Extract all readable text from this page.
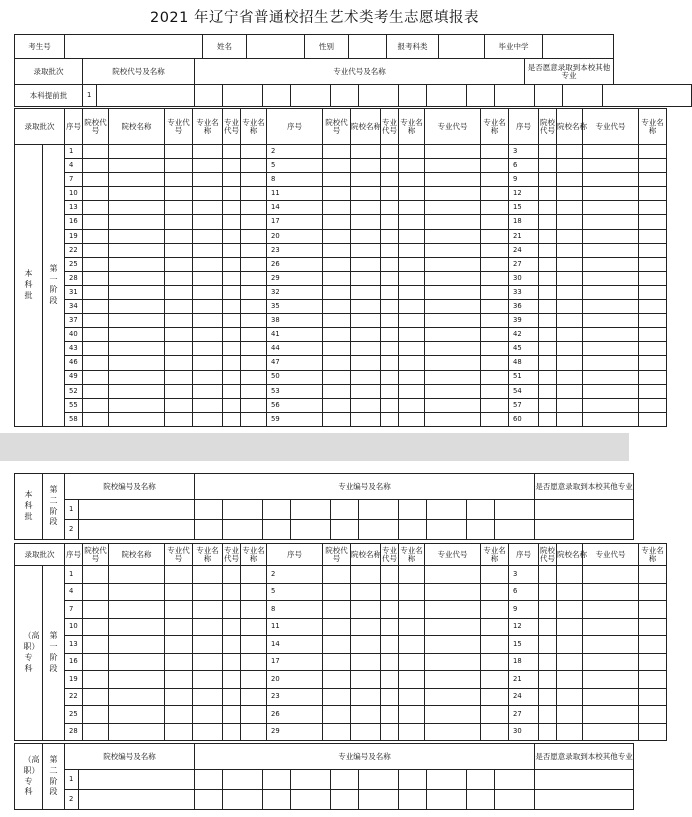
2021 年辽宁省普通校招生艺术类考生志愿填报表
考生号		姓名		性别		报考科类		毕业中学	
录取批次	院校代号及名称	专业代号及名称	是否愿意录取到本校其他专业
本科提前批	1														
录取批次		序号	院校代号	院校名称	专业代号	专业名称	专业代号	专业名称	序号	院校代号	院校名称	专业代号	专业名称	专业代号	专业名称	序号	院校代号	院校名称	专业代号	专业名称
本科批	第一阶段	1							2							3				
		4							5							6				
		7							8							9				
		10							11							12				
		13							14							15				
		16							17							18				
		19							20							21				
		22							23							24				
		25							26							27				
		28							29							30				
		31							32							33				
		34							35							36				
		37							38							39				
		40							41							42				
		43							44							45				
		46							47							48				
		49							50							51				
		52							53							54				
		55							56							57				
		58							59							60				
本科批	第二阶段	院校编号及名称		专业编号及名称										是否愿意录取到本校其他专业
		1												
		2												
录取批次		序号	院校代号	院校名称	专业代号	专业名称	专业代号	专业名称	序号	院校代号	院校名称	专业代号	专业名称	专业代号	专业名称	序号	院校代号	院校名称	专业代号	专业名称
（高职）专科	第一阶段	1							2							3				
		4							5							6				
		7							8							9				
		10							11							12				
		13							14							15				
		16							17							18				
		19							20							21				
		22							23							24				
		25							26							27				
		28							29							30				
（高职）专科	第二阶段	院校编号及名称		专业编号及名称										是否愿意录取到本校其他专业
		1												
		2												
